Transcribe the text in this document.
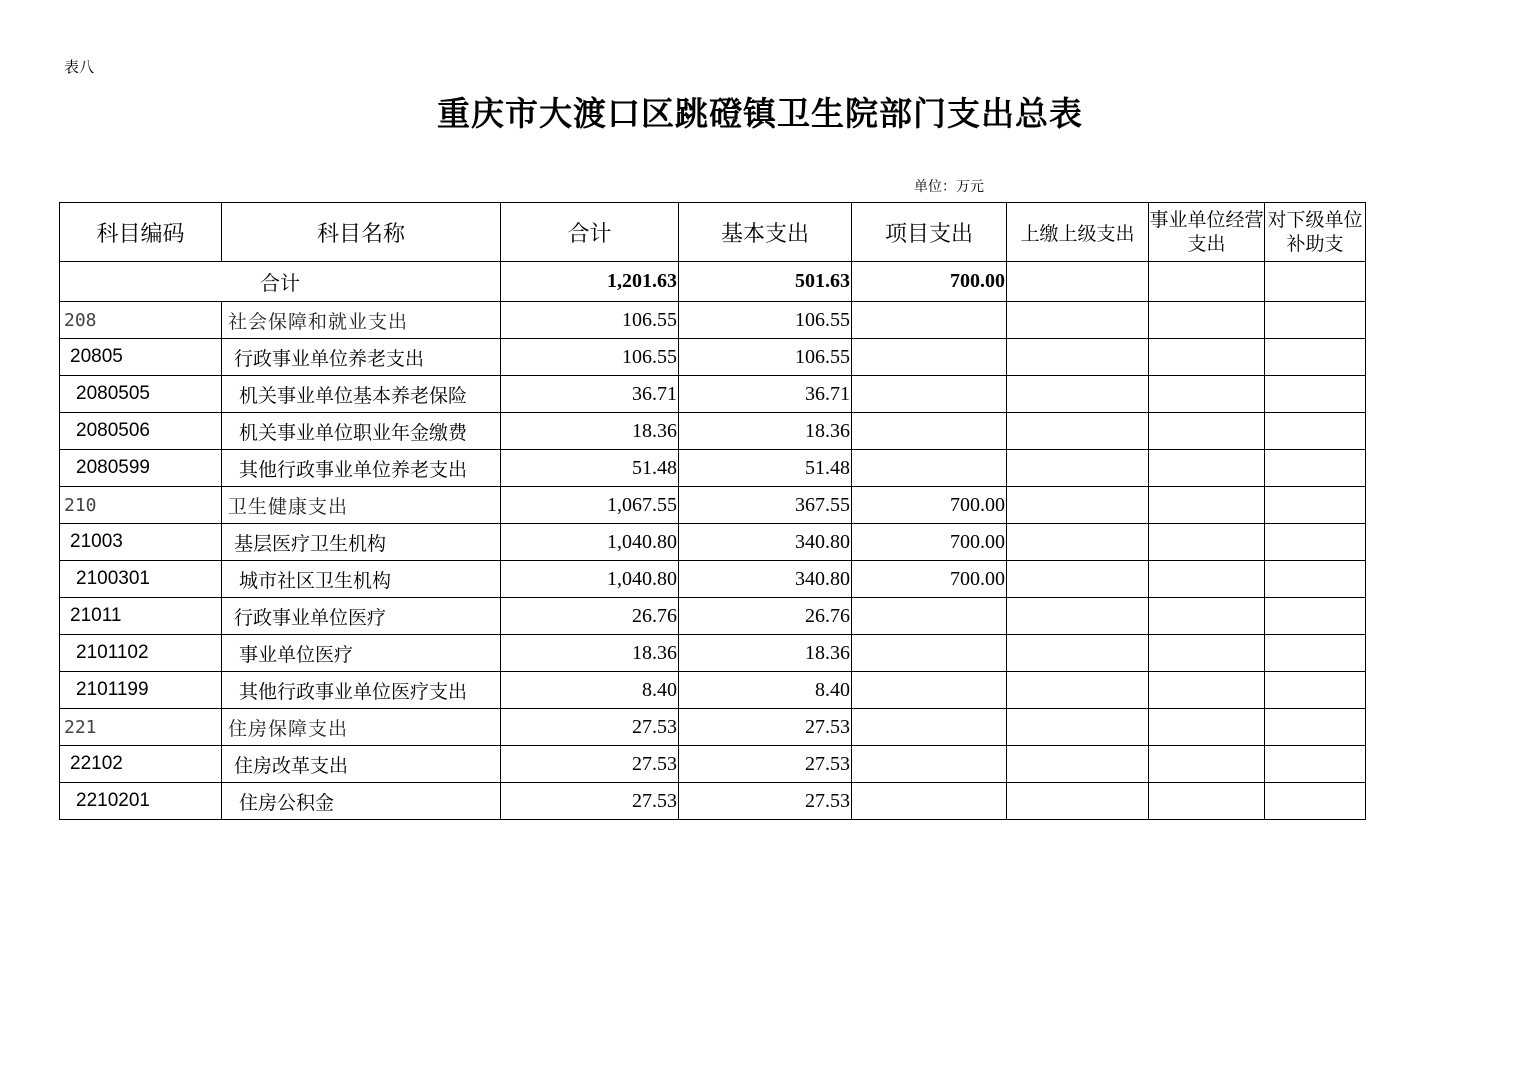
表八
重庆市大渡口区跳磴镇卫生院部门支出总表
单位：万元
科目编码	科目名称	合计	基本支出	项目支出	上缴上级支出	事业单位经营支出	对下级单位补助支
合计		1,201.63	501.63	700.00			
208	社会保障和就业支出	106.55	106.55				
20805	行政事业单位养老支出	106.55	106.55				
2080505	机关事业单位基本养老保险	36.71	36.71				
2080506	机关事业单位职业年金缴费	18.36	18.36				
2080599	其他行政事业单位养老支出	51.48	51.48				
210	卫生健康支出	1,067.55	367.55	700.00			
21003	基层医疗卫生机构	1,040.80	340.80	700.00			
2100301	城市社区卫生机构	1,040.80	340.80	700.00			
21011	行政事业单位医疗	26.76	26.76				
2101102	事业单位医疗	18.36	18.36				
2101199	其他行政事业单位医疗支出	8.40	8.40				
221	住房保障支出	27.53	27.53				
22102	住房改革支出	27.53	27.53				
2210201	住房公积金	27.53	27.53				
